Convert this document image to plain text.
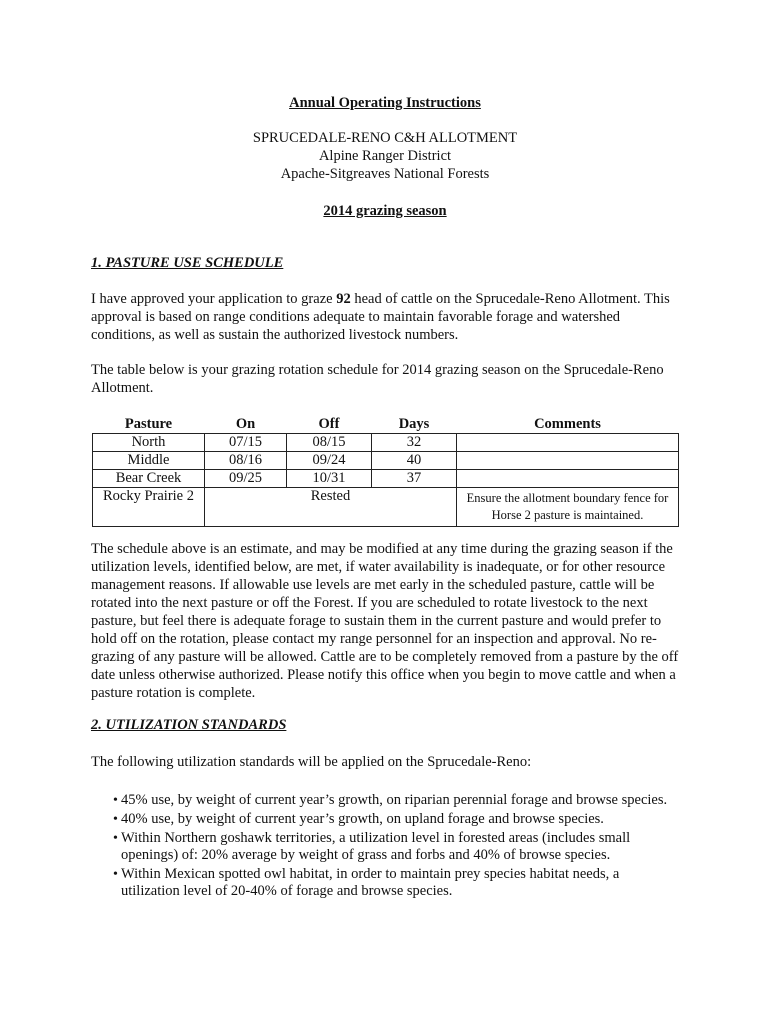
Annual Operating Instructions
SPRUCEDALE-RENO C&H ALLOTMENT
Alpine Ranger District
Apache-Sitgreaves National Forests
2014 grazing season
1. PASTURE USE SCHEDULE

I have approved your application to graze 92 head of cattle on the Sprucedale-Reno Allotment. This approval is based on range conditions adequate to maintain favorable forage and watershed conditions, as well as sustain the authorized livestock numbers.

The table below is your grazing rotation schedule for 2014 grazing season on the Sprucedale-Reno Allotment.
Pasture	On	Off	Days	Comments
North	07/15	08/15	32	
Middle	08/16	09/24	40	
Bear Creek	09/25	10/31	37	
Rocky Prairie 2	Rested			Ensure the allotment boundary fence for Horse 2 pasture is maintained.
The schedule above is an estimate, and may be modified at any time during the grazing season if the utilization levels, identified below, are met, if water availability is inadequate, or for other resource management reasons. If allowable use levels are met early in the scheduled pasture, cattle will be rotated into the next pasture or off the Forest. If you are scheduled to rotate livestock to the next pasture, but feel there is adequate forage to sustain them in the current pasture and would prefer to hold off on the rotation, please contact my range personnel for an inspection and approval. No re-grazing of any pasture will be allowed. Cattle are to be completely removed from a pasture by the off date unless otherwise authorized. Please notify this office when you begin to move cattle and when a pasture rotation is complete.
2. UTILIZATION STANDARDS
The following utilization standards will be applied on the Sprucedale-Reno:
• 45% use, by weight of current year’s growth, on riparian perennial forage and browse species.
• 40% use, by weight of current year’s growth, on upland forage and browse species.
• Within Northern goshawk territories, a utilization level in forested areas (includes small openings) of: 20% average by weight of grass and forbs and 40% of browse species.
• Within Mexican spotted owl habitat, in order to maintain prey species habitat needs, a utilization level of 20-40% of forage and browse species.
